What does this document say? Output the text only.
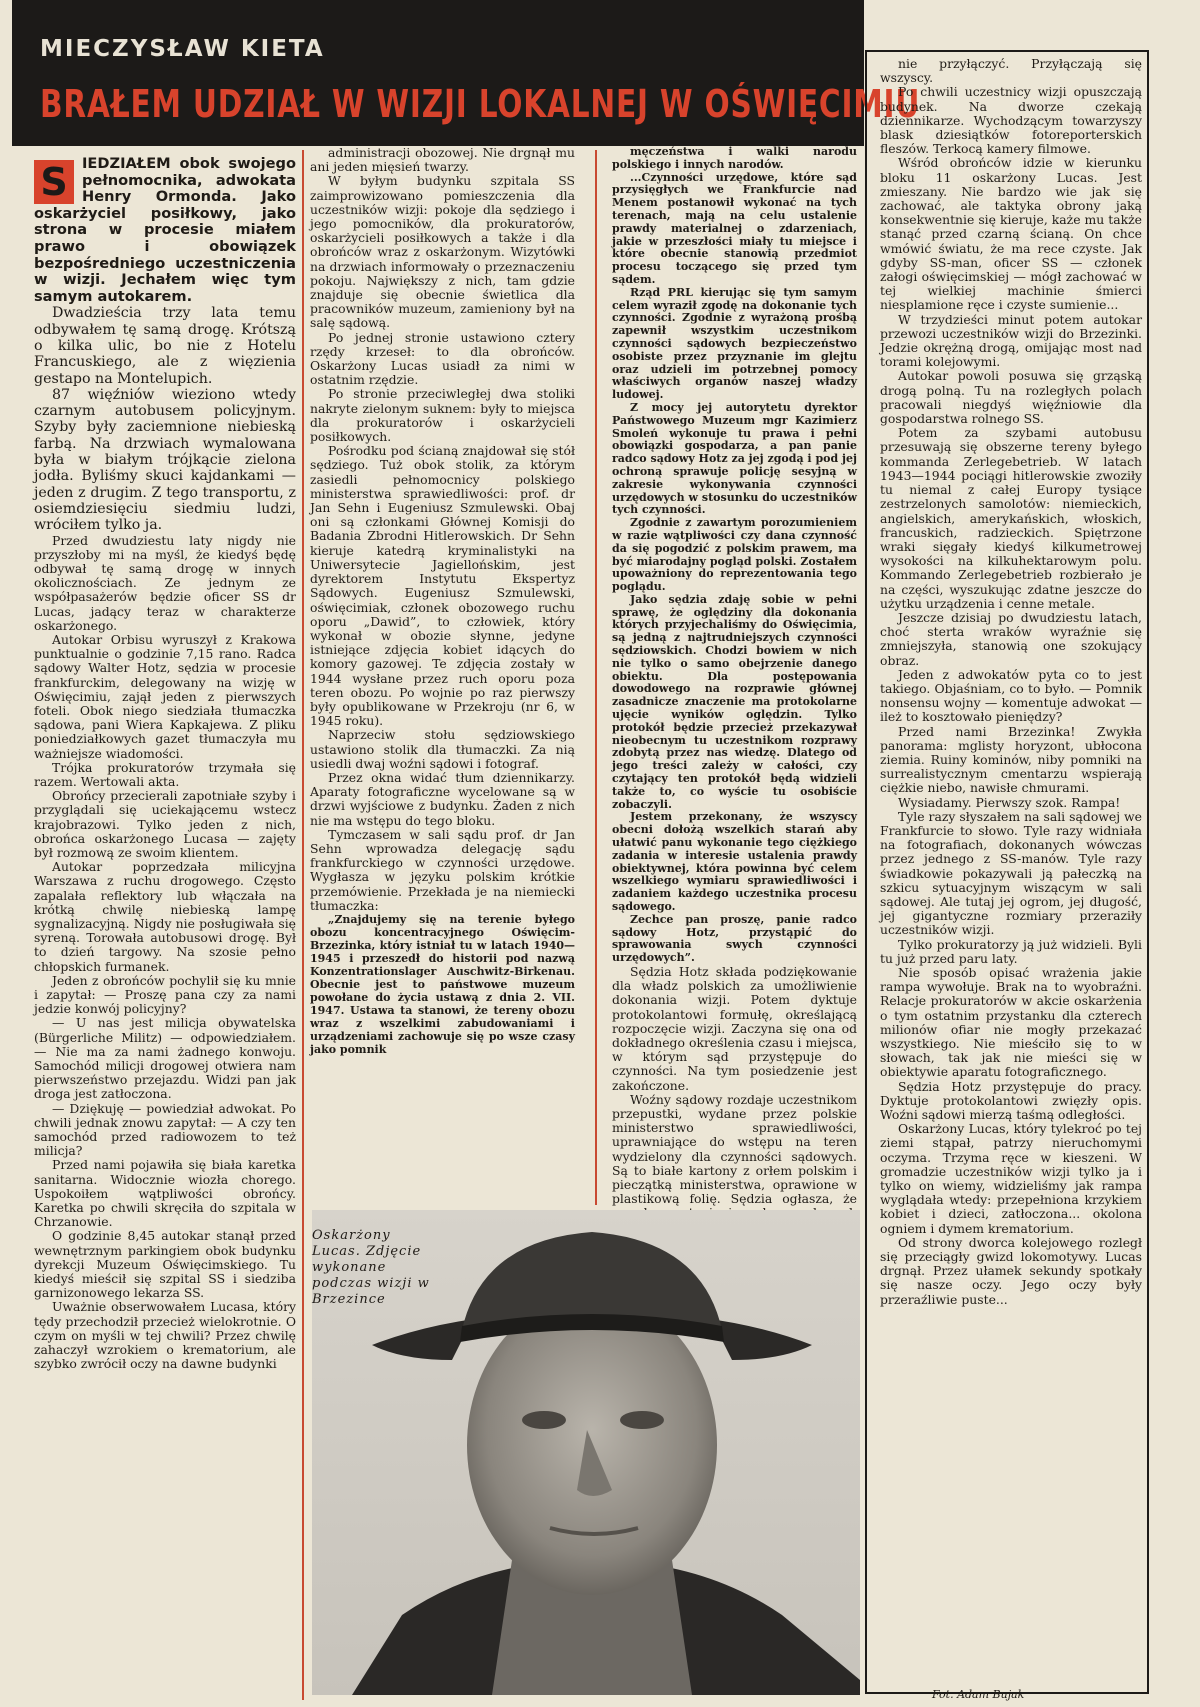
MIECZYSŁAW KIETA
BRAŁEM UDZIAŁ W WIZJI LOKALNEJ W OŚWIĘCIMIU
S IEDZIAŁEM obok swojego pełnomocnika, adwokata Henry Ormonda. Jako oskarżyciel posiłkowy, jako strona w procesie miałem prawo i obowiązek bezpośredniego uczestniczenia w wizji. Jechałem więc tym samym autokarem.

Dwadzieścia trzy lata temu odbywałem tę samą drogę. Krótszą o kilka ulic, bo nie z Hotelu Francuskiego, ale z więzienia gestapo na Montelupich.

87 więźniów wieziono wtedy czarnym autobusem policyjnym. Szyby były zaciemnione niebieską farbą. Na drzwiach wymalowana była w białym trójkącie zielona jodła. Byliśmy skuci kajdankami — jeden z drugim. Z tego transportu, z osiemdziesięciu siedmiu ludzi, wróciłem tylko ja.

Przed dwudziestu laty nigdy nie przyszłoby mi na myśl, że kiedyś będę odbywał tę samą drogę w innych okolicznościach. Ze jednym ze współpasażerów będzie oficer SS dr Lucas, jadący teraz w charakterze oskarżonego.

Autokar Orbisu wyruszył z Krakowa punktualnie o godzinie 7,15 rano. Radca sądowy Walter Hotz, sędzia w procesie frankfurckim, delegowany na wizję w Oświęcimiu, zajął jeden z pierwszych foteli. Obok niego siedziała tłumaczka sądowa, pani Wiera Kapkajewa. Z pliku poniedziałkowych gazet tłumaczyła mu ważniejsze wiadomości.

Trójka prokuratorów trzymała się razem. Wertowali akta.

Obrońcy przecierali zapotniałe szyby i przyglądali się uciekającemu wstecz krajobrazowi. Tylko jeden z nich, obrońca oskarżonego Lucasa — zajęty był rozmową ze swoim klientem.

Autokar poprzedzała milicyjna Warszawa z ruchu drogowego. Często zapalała reflektory lub włączała na krótką chwilę niebieską lampę sygnalizacyjną. Nigdy nie posługiwała się syreną. Torowała autobusowi drogę. Był to dzień targowy. Na szosie pełno chłopskich furmanek.

Jeden z obrońców pochylił się ku mnie i zapytał: — Proszę pana czy za nami jedzie konwój policyjny?

— U nas jest milicja obywatelska (Bürgerliche Militz) — odpowiedziałem. — Nie ma za nami żadnego konwoju. Samochód milicji drogowej otwiera nam pierwszeństwo przejazdu. Widzi pan jak droga jest zatłoczona.

— Dziękuję — powiedział adwokat. Po chwili jednak znowu zapytał: — A czy ten samochód przed radiowozem to też milicja?

Przed nami pojawiła się biała karetka sanitarna. Widocznie wiozła chorego. Uspokoiłem wątpliwości obrońcy. Karetka po chwili skręciła do szpitala w Chrzanowie.

O godzinie 8,45 autokar stanął przed wewnętrznym parkingiem obok budynku dyrekcji Muzeum Oświęcimskiego. Tu kiedyś mieścił się szpital SS i siedziba garnizonowego lekarza SS.

Uważnie obserwowałem Lucasa, który tędy przechodził przecież wielokrotnie. O czym on myśli w tej chwili? Przez chwilę zahaczył wzrokiem o krematorium, ale szybko zwrócił oczy na dawne budynki

administracji obozowej. Nie drgnął mu ani jeden mięsień twarzy.

W byłym budynku szpitala SS zaimprowizowano pomieszczenia dla uczestników wizji: pokoje dla sędziego i jego pomocników, dla prokuratorów, oskarżycieli posiłkowych a także i dla obrońców wraz z oskarżonym. Wizytówki na drzwiach informowały o przeznaczeniu pokoju. Największy z nich, tam gdzie znajduje się obecnie świetlica dla pracowników muzeum, zamieniony był na salę sądową.

Po jednej stronie ustawiono cztery rzędy krzeseł: to dla obrońców. Oskarżony Lucas usiadł za nimi w ostatnim rzędzie.

Po stronie przeciwległej dwa stoliki nakryte zielonym suknem: były to miejsca dla prokuratorów i oskarżycieli posiłkowych.

Pośrodku pod ścianą znajdował się stół sędziego. Tuż obok stolik, za którym zasiedli pełnomocnicy polskiego ministerstwa sprawiedliwości: prof. dr Jan Sehn i Eugeniusz Szmulewski. Obaj oni są członkami Głównej Komisji do Badania Zbrodni Hitlerowskich. Dr Sehn kieruje katedrą kryminalistyki na Uniwersytecie Jagiellońskim, jest dyrektorem Instytutu Ekspertyz Sądowych. Eugeniusz Szmulewski, oświęcimiak, członek obozowego ruchu oporu „Dawid”, to człowiek, który wykonał w obozie słynne, jedyne istniejące zdjęcia kobiet idących do komory gazowej. Te zdjęcia zostały w 1944 wysłane przez ruch oporu poza teren obozu. Po wojnie po raz pierwszy były opublikowane w Przekroju (nr 6, w 1945 roku).

Naprzeciw stołu sędziowskiego ustawiono stolik dla tłumaczki. Za nią usiedli dwaj woźni sądowi i fotograf.

Przez okna widać tłum dziennikarzy. Aparaty fotograficzne wycelowane są w drzwi wyjściowe z budynku. Żaden z nich nie ma wstępu do tego bloku.

Tymczasem w sali sądu prof. dr Jan Sehn wprowadza delegację sądu frankfurckiego w czynności urzędowe. Wygłasza w języku polskim krótkie przemówienie. Przekłada je na niemiecki tłumaczka:

„Znajdujemy się na terenie byłego obozu koncentracyjnego Oświęcim-Brzezinka, który istniał tu w latach 1940—1945 i przeszedł do historii pod nazwą Konzentrationslager Auschwitz-Birkenau. Obecnie jest to państwowe muzeum powołane do życia ustawą z dnia 2. VII. 1947. Ustawa ta stanowi, że tereny obozu wraz z wszelkimi zabudowaniami i urządzeniami zachowuje się po wsze czasy jako pomnik

męczeństwa i walki narodu polskiego i innych narodów.

...Czynności urzędowe, które sąd przysięgłych we Frankfurcie nad Menem postanowił wykonać na tych terenach, mają na celu ustalenie prawdy materialnej o zdarzeniach, jakie w przeszłości miały tu miejsce i które obecnie stanowią przedmiot procesu toczącego się przed tym sądem.

Rząd PRL kierując się tym samym celem wyraził zgodę na dokonanie tych czynności. Zgodnie z wyrażoną prośbą zapewnił wszystkim uczestnikom czynności sądowych bezpieczeństwo osobiste przez przyznanie im glejtu oraz udzieli im potrzebnej pomocy właściwych organów naszej władzy ludowej.

Z mocy jej autorytetu dyrektor Państwowego Muzeum mgr Kazimierz Smoleń wykonuje tu prawa i pełni obowiązki gospodarza, a pan panie radco sądowy Hotz za jej zgodą i pod jej ochroną sprawuje policję sesyjną w zakresie wykonywania czynności urzędowych w stosunku do uczestników tych czynności.

Zgodnie z zawartym porozumieniem w razie wątpliwości czy dana czynność da się pogodzić z polskim prawem, ma być miarodajny pogląd polski. Zostałem upoważniony do reprezentowania tego poglądu.

Jako sędzia zdaję sobie w pełni sprawę, że oględziny dla dokonania których przyjechaliśmy do Oświęcimia, są jedną z najtrudniejszych czynności sędziowskich. Chodzi bowiem w nich nie tylko o samo obejrzenie danego obiektu. Dla postępowania dowodowego na rozprawie głównej zasadnicze znaczenie ma protokolarne ujęcie wyników oględzin. Tylko protokół będzie przecież przekazywał nieobecnym tu uczestnikom rozprawy zdobytą przez nas wiedzę. Dlatego od jego treści zależy w całości, czy czytający ten protokół będą widzieli także to, co wyście tu osobiście zobaczyli.

Jestem przekonany, że wszyscy obecni dołożą wszelkich starań aby ułatwić panu wykonanie tego ciężkiego zadania w interesie ustalenia prawdy obiektywnej, która powinna być celem wszelkiego wymiaru sprawiedliwości i zadaniem każdego uczestnika procesu sądowego.

Zechce pan proszę, panie radco sądowy Hotz, przystąpić do sprawowania swych czynności urzędowych”.

Sędzia Hotz składa podziękowanie dla władz polskich za umożliwienie dokonania wizji. Potem dyktuje protokolantowi formułę, określającą rozpoczęcie wizji. Zaczyna się ona od dokładnego określenia czasu i miejsca, w którym sąd przystępuje do czynności. Na tym posiedzenie jest zakończone.

Woźny sądowy rozdaje uczestnikom przepustki, wydane przez polskie ministerstwo sprawiedliwości, uprawniające do wstępu na teren wydzielony dla czynności sądowych. Są to białe kartony z orłem polskim i pieczątką ministerstwa, oprawione w plastikową folię. Sędzia ogłasza, że

nie przyłączyć. Przyłączają się wszyscy.

Po chwili uczestnicy wizji opuszczają budynek. Na dworze czekają dziennikarze. Wychodzącym towarzyszy blask dziesiątków fotoreporterskich fleszów. Terkocą kamery filmowe.

Wśród obrońców idzie w kierunku bloku 11 oskarżony Lucas. Jest zmieszany. Nie bardzo wie jak się zachować, ale taktyka obrony jaką konsekwentnie się kieruje, każe mu także stanąć przed czarną ścianą. On chce wmówić światu, że ma rece czyste. Jak gdyby SS-man, oficer SS — członek załogi oświęcimskiej — mógł zachować w tej wielkiej machinie śmierci niesplamione ręce i czyste sumienie...

W trzydzieści minut potem autokar przewozi uczestników wizji do Brzezinki. Jedzie okrężną drogą, omijając most nad torami kolejowymi.

Autokar powoli posuwa się grząską drogą polną. Tu na rozległych polach pracowali niegdyś więźniowie dla gospodarstwa rolnego SS.

Potem za szybami autobusu przesuwają się obszerne tereny byłego kommanda Zerlegebetrieb. W latach 1943—1944 pociągi hitlerowskie zwoziły tu niemal z całej Europy tysiące zestrzelonych samolotów: niemieckich, angielskich, amerykańskich, włoskich, francuskich, radzieckich. Spiętrzone wraki sięgały kiedyś kilkumetrowej wysokości na kilkuhektarowym polu. Kommando Zerlegebetrieb rozbierało je na części, wyszukując zdatne jeszcze do użytku urządzenia i cenne metale.

Jeszcze dzisiaj po dwudziestu latach, choć sterta wraków wyraźnie się zmniejszyła, stanowią one szokujący obraz.

Jeden z adwokatów pyta co to jest takiego. Objaśniam, co to było. — Pomnik nonsensu wojny — komentuje adwokat — ileż to kosztowało pieniędzy?

Przed nami Brzezinka! Zwykła panorama: mglisty horyzont, ubłocona ziemia. Ruiny kominów, niby pomniki na surrealistycznym cmentarzu wspierają ciężkie niebo, nawisłe chmurami.

Wysiadamy. Pierwszy szok. Rampa!

Tyle razy słyszałem na sali sądowej we Frankfurcie to słowo. Tyle razy widniała na fotografiach, dokonanych wówczas przez jednego z SS-manów. Tyle razy świadkowie pokazywali ją pałeczką na szkicu sytuacyjnym wiszącym w sali sądowej. Ale tutaj jej ogrom, jej długość, jej gigantyczne rozmiary przeraziły uczestników wizji.

Tylko prokuratorzy ją już widzieli. Byli tu już przed paru laty.

Nie sposób opisać wrażenia jakie rampa wywołuje. Brak na to wyobraźni. Relacje prokuratorów w akcie oskarżenia o tym ostatnim przystanku dla czterech milionów ofiar nie mogły przekazać wszystkiego. Nie mieściło się to w słowach, tak jak nie mieści się w obiektywie aparatu fotograficznego.

Sędzia Hotz przystępuje do pracy. Dyktuje protokolantowi zwięzły opis. Woźni sądowi mierzą taśmą odległości.

Oskarżony Lucas, który tylekroć po tej ziemi stąpał, patrzy nieruchomymi oczyma. Trzyma ręce w kieszeni. W gromadzie uczestników wizji tylko ja i tylko on wiemy, widzieliśmy jak rampa wyglądała wtedy: przepełniona krzykiem kobiet i dzieci, zatłoczona... okolona ogniem i dymem krematorium.

Od strony dworca kolejowego rozległ się przeciągły gwizd lokomotywy. Lucas drgnął. Przez ułamek sekundy spotkały się nasze oczy. Jego oczy były przeraźliwie puste...

Oskarżony Lucas. Zdjęcie wykonane podczas wizji w Brzezince
Fot. Adam Bujak
